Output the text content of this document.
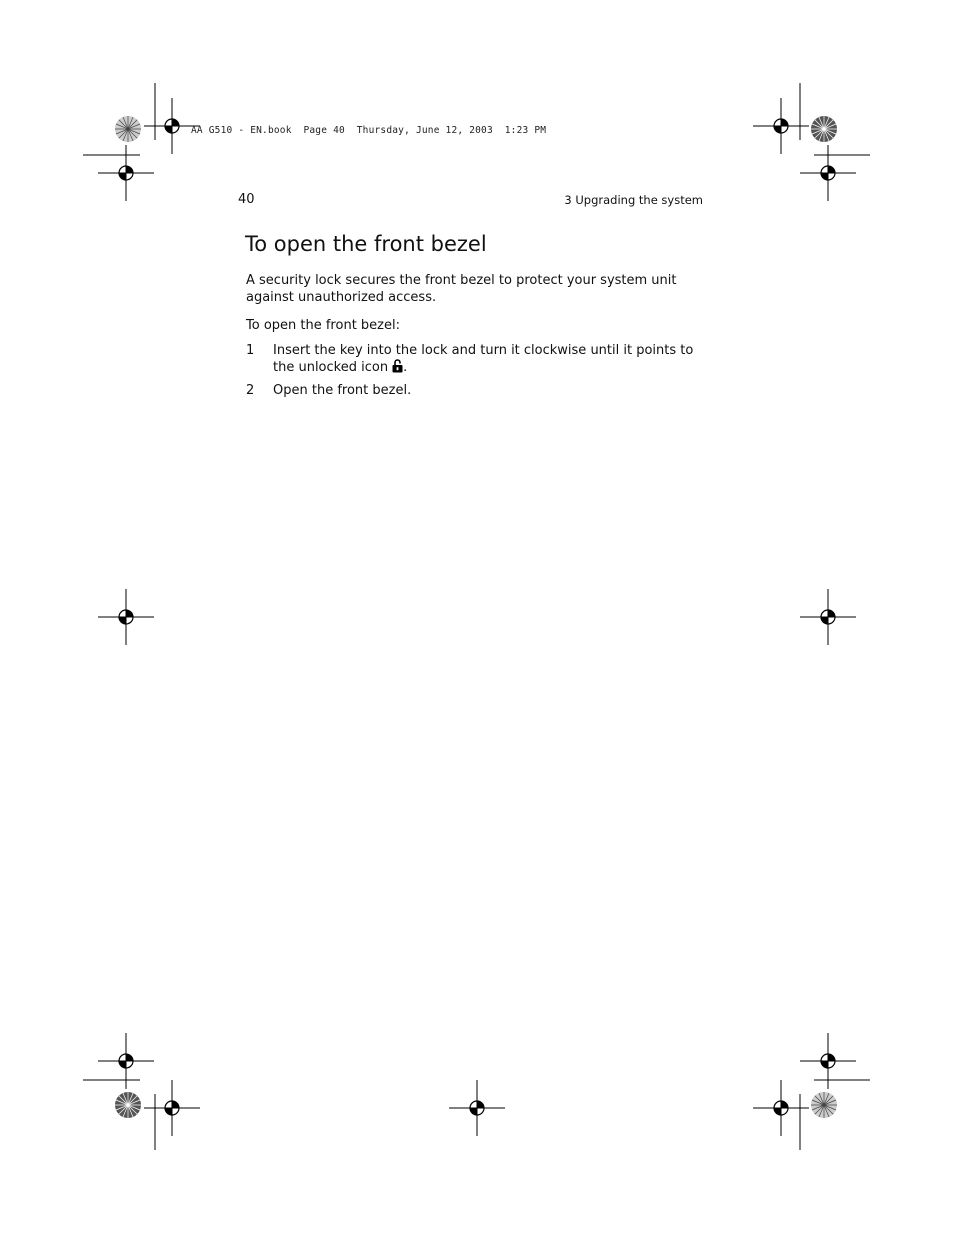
AA G510 - EN.book  Page 40  Thursday, June 12, 2003  1:23 PM
40	3 Upgrading the system
To open the front bezel

A security lock secures the front bezel to protect your system unit against unauthorized access.

To open the front bezel:

1 Insert the key into the lock and turn it clockwise until it points to
the unlocked icon .
2 Open the front bezel.
